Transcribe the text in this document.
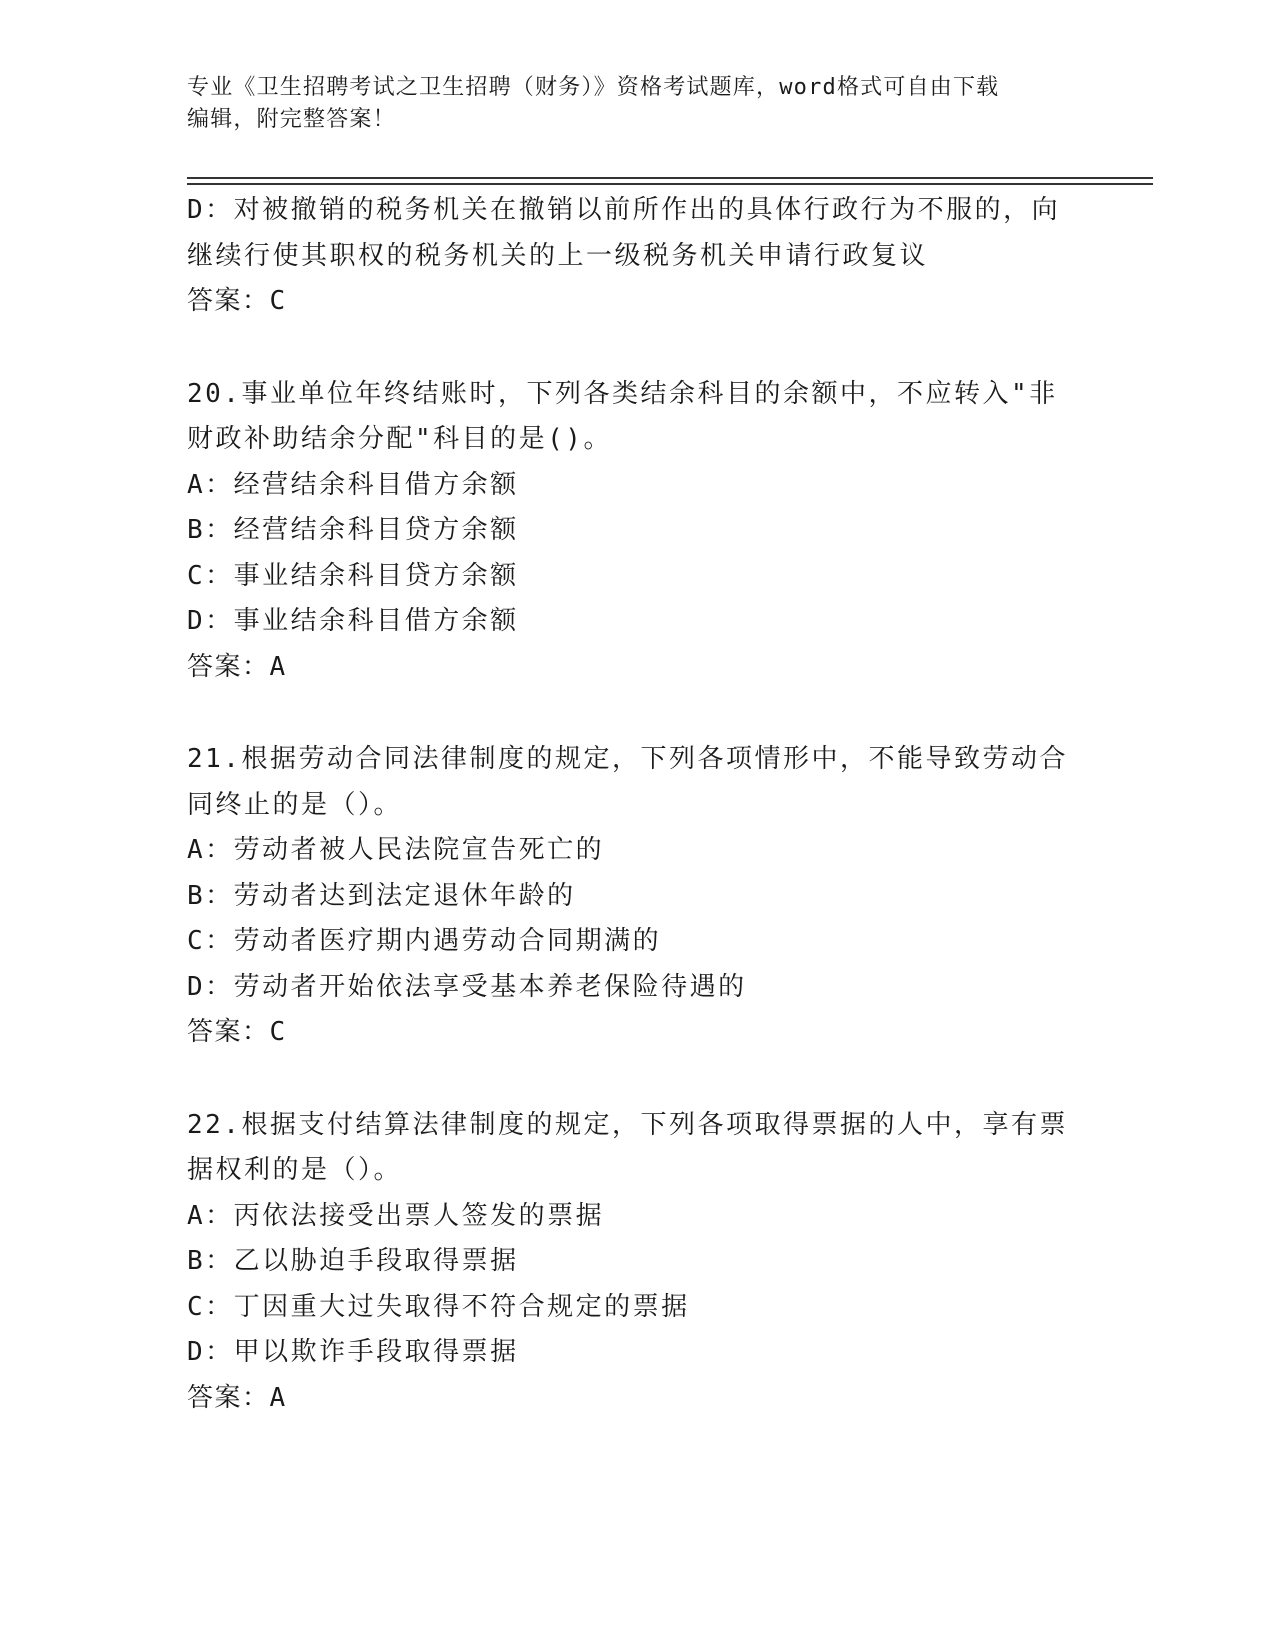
专业《卫生招聘考试之卫生招聘（财务）》资格考试题库，word格式可自由下载
编辑，附完整答案！
D：对被撤销的税务机关在撤销以前所作出的具体行政行为不服的，向
继续行使其职权的税务机关的上一级税务机关申请行政复议
答案：C
20.事业单位年终结账时，下列各类结余科目的余额中，不应转入"非
财政补助结余分配"科目的是()。
A：经营结余科目借方余额
B：经营结余科目贷方余额
C：事业结余科目贷方余额
D：事业结余科目借方余额
答案：A
21.根据劳动合同法律制度的规定，下列各项情形中，不能导致劳动合
同终止的是（）。
A：劳动者被人民法院宣告死亡的
B：劳动者达到法定退休年龄的
C：劳动者医疗期内遇劳动合同期满的
D：劳动者开始依法享受基本养老保险待遇的
答案：C
22.根据支付结算法律制度的规定，下列各项取得票据的人中，享有票
据权利的是（）。
A：丙依法接受出票人签发的票据
B：乙以胁迫手段取得票据
C：丁因重大过失取得不符合规定的票据
D：甲以欺诈手段取得票据
答案：A
